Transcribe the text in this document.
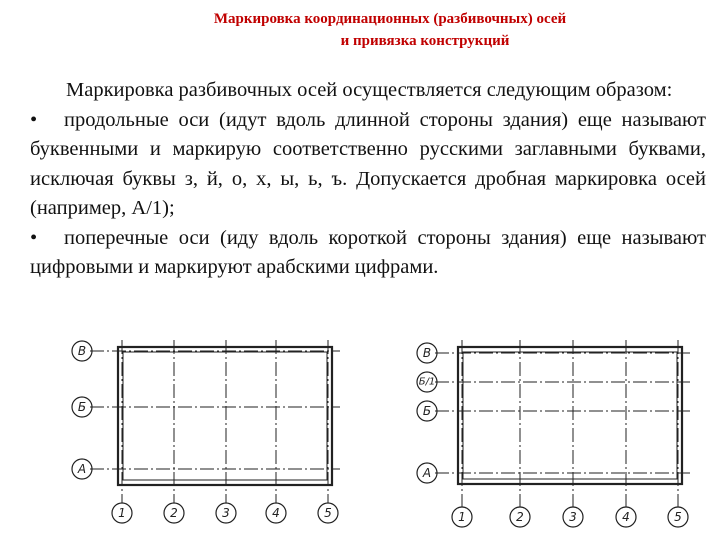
Маркировка координационных (разбивочных) осей
и привязка конструкций

Маркировка разбивочных осей осуществляется следующим образом:

• продольные оси (идут вдоль длинной стороны здания) еще называют буквенными и маркирую соответственно русскими заглавными буквами, исключая буквы з, й, о, х, ы, ь, ъ. Допускается дробная маркировка осей (например, А/1);

• поперечные оси (иду вдоль короткой стороны здания) еще называют цифровыми и маркируют арабскими цифрами.

В
Б
А
1	2	3	4	5
В
Б/1
Б
А
1	2	3	4	5
